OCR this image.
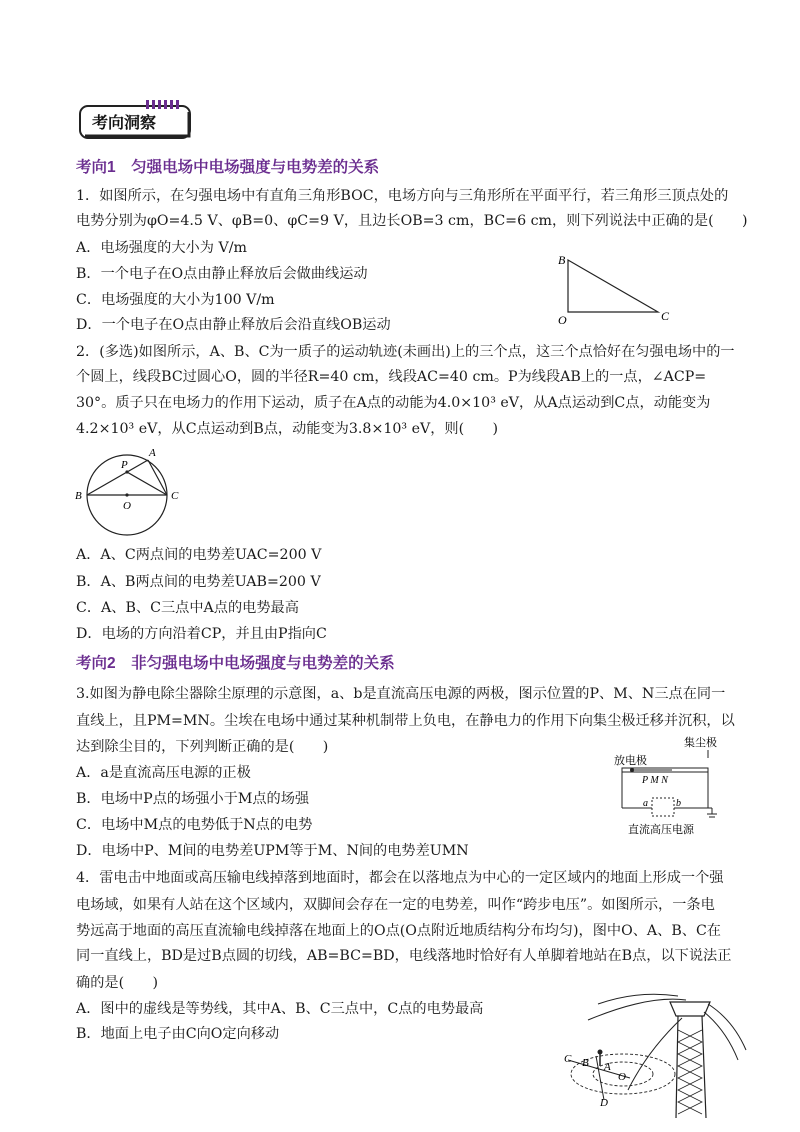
考向洞察
考向1　匀强电场中电场强度与电势差的关系
1．如图所示，在匀强电场中有直角三角形BOC，电场方向与三角形所在平面平行，若三角形三顶点处的
电势分别为φO=4.5 V、φB=0、φC=9 V，且边长OB=3 cm，BC=6 cm，则下列说法中正确的是(　　)
A．电场强度的大小为 V/m
B．一个电子在O点由静止释放后会做曲线运动
C．电场强度的大小为100 V/m
D．一个电子在O点由静止释放后会沿直线OB运动
B
O	C
2．(多选)如图所示，A、B、C为一质子的运动轨迹(未画出)上的三个点，这三个点恰好在匀强电场中的一
个圆上，线段BC过圆心O，圆的半径R=40 cm，线段AC=40 cm。P为线段AB上的一点，∠ACP=
30°。质子只在电场力的作用下运动，质子在A点的动能为4.0×10³ eV，从A点运动到C点，动能变为
4.2×10³ eV，从C点运动到B点，动能变为3.8×10³ eV，则(　　)
A
P
B
O
C
A．A、C两点间的电势差UAC=200 V
B．A、B两点间的电势差UAB=200 V
C．A、B、C三点中A点的电势最高
D．电场的方向沿着CP，并且由P指向C
考向2　非匀强电场中电场强度与电势差的关系
3.如图为静电除尘器除尘原理的示意图，a、b是直流高压电源的两极，图示位置的P、M、N三点在同一
直线上，且PM=MN。尘埃在电场中通过某种机制带上负电，在静电力的作用下向集尘极迁移并沉积，以
达到除尘目的，下列判断正确的是(　　)
A．a是直流高压电源的正极
B．电场中P点的场强小于M点的场强
C．电场中M点的电势低于N点的电势
D．电场中P、M间的电势差UPM等于M、N间的电势差UMN
集尘极
放电极
P M N
a	b
直流高压电源
4．雷电击中地面或高压输电线掉落到地面时，都会在以落地点为中心的一定区域内的地面上形成一个强
电场域，如果有人站在这个区域内，双脚间会存在一定的电势差，叫作“跨步电压”。如图所示，一条电
势远高于地面的高压直流输电线掉落在地面上的O点(O点附近地质结构分布均匀)，图中O、A、B、C在
同一直线上，BD是过B点圆的切线，AB=BC=BD，电线落地时恰好有人单脚着地站在B点，以下说法正
确的是(　　)
A．图中的虚线是等势线，其中A、B、C三点中，C点的电势最高
B．地面上电子由C向O定向移动
C B A
O
D
